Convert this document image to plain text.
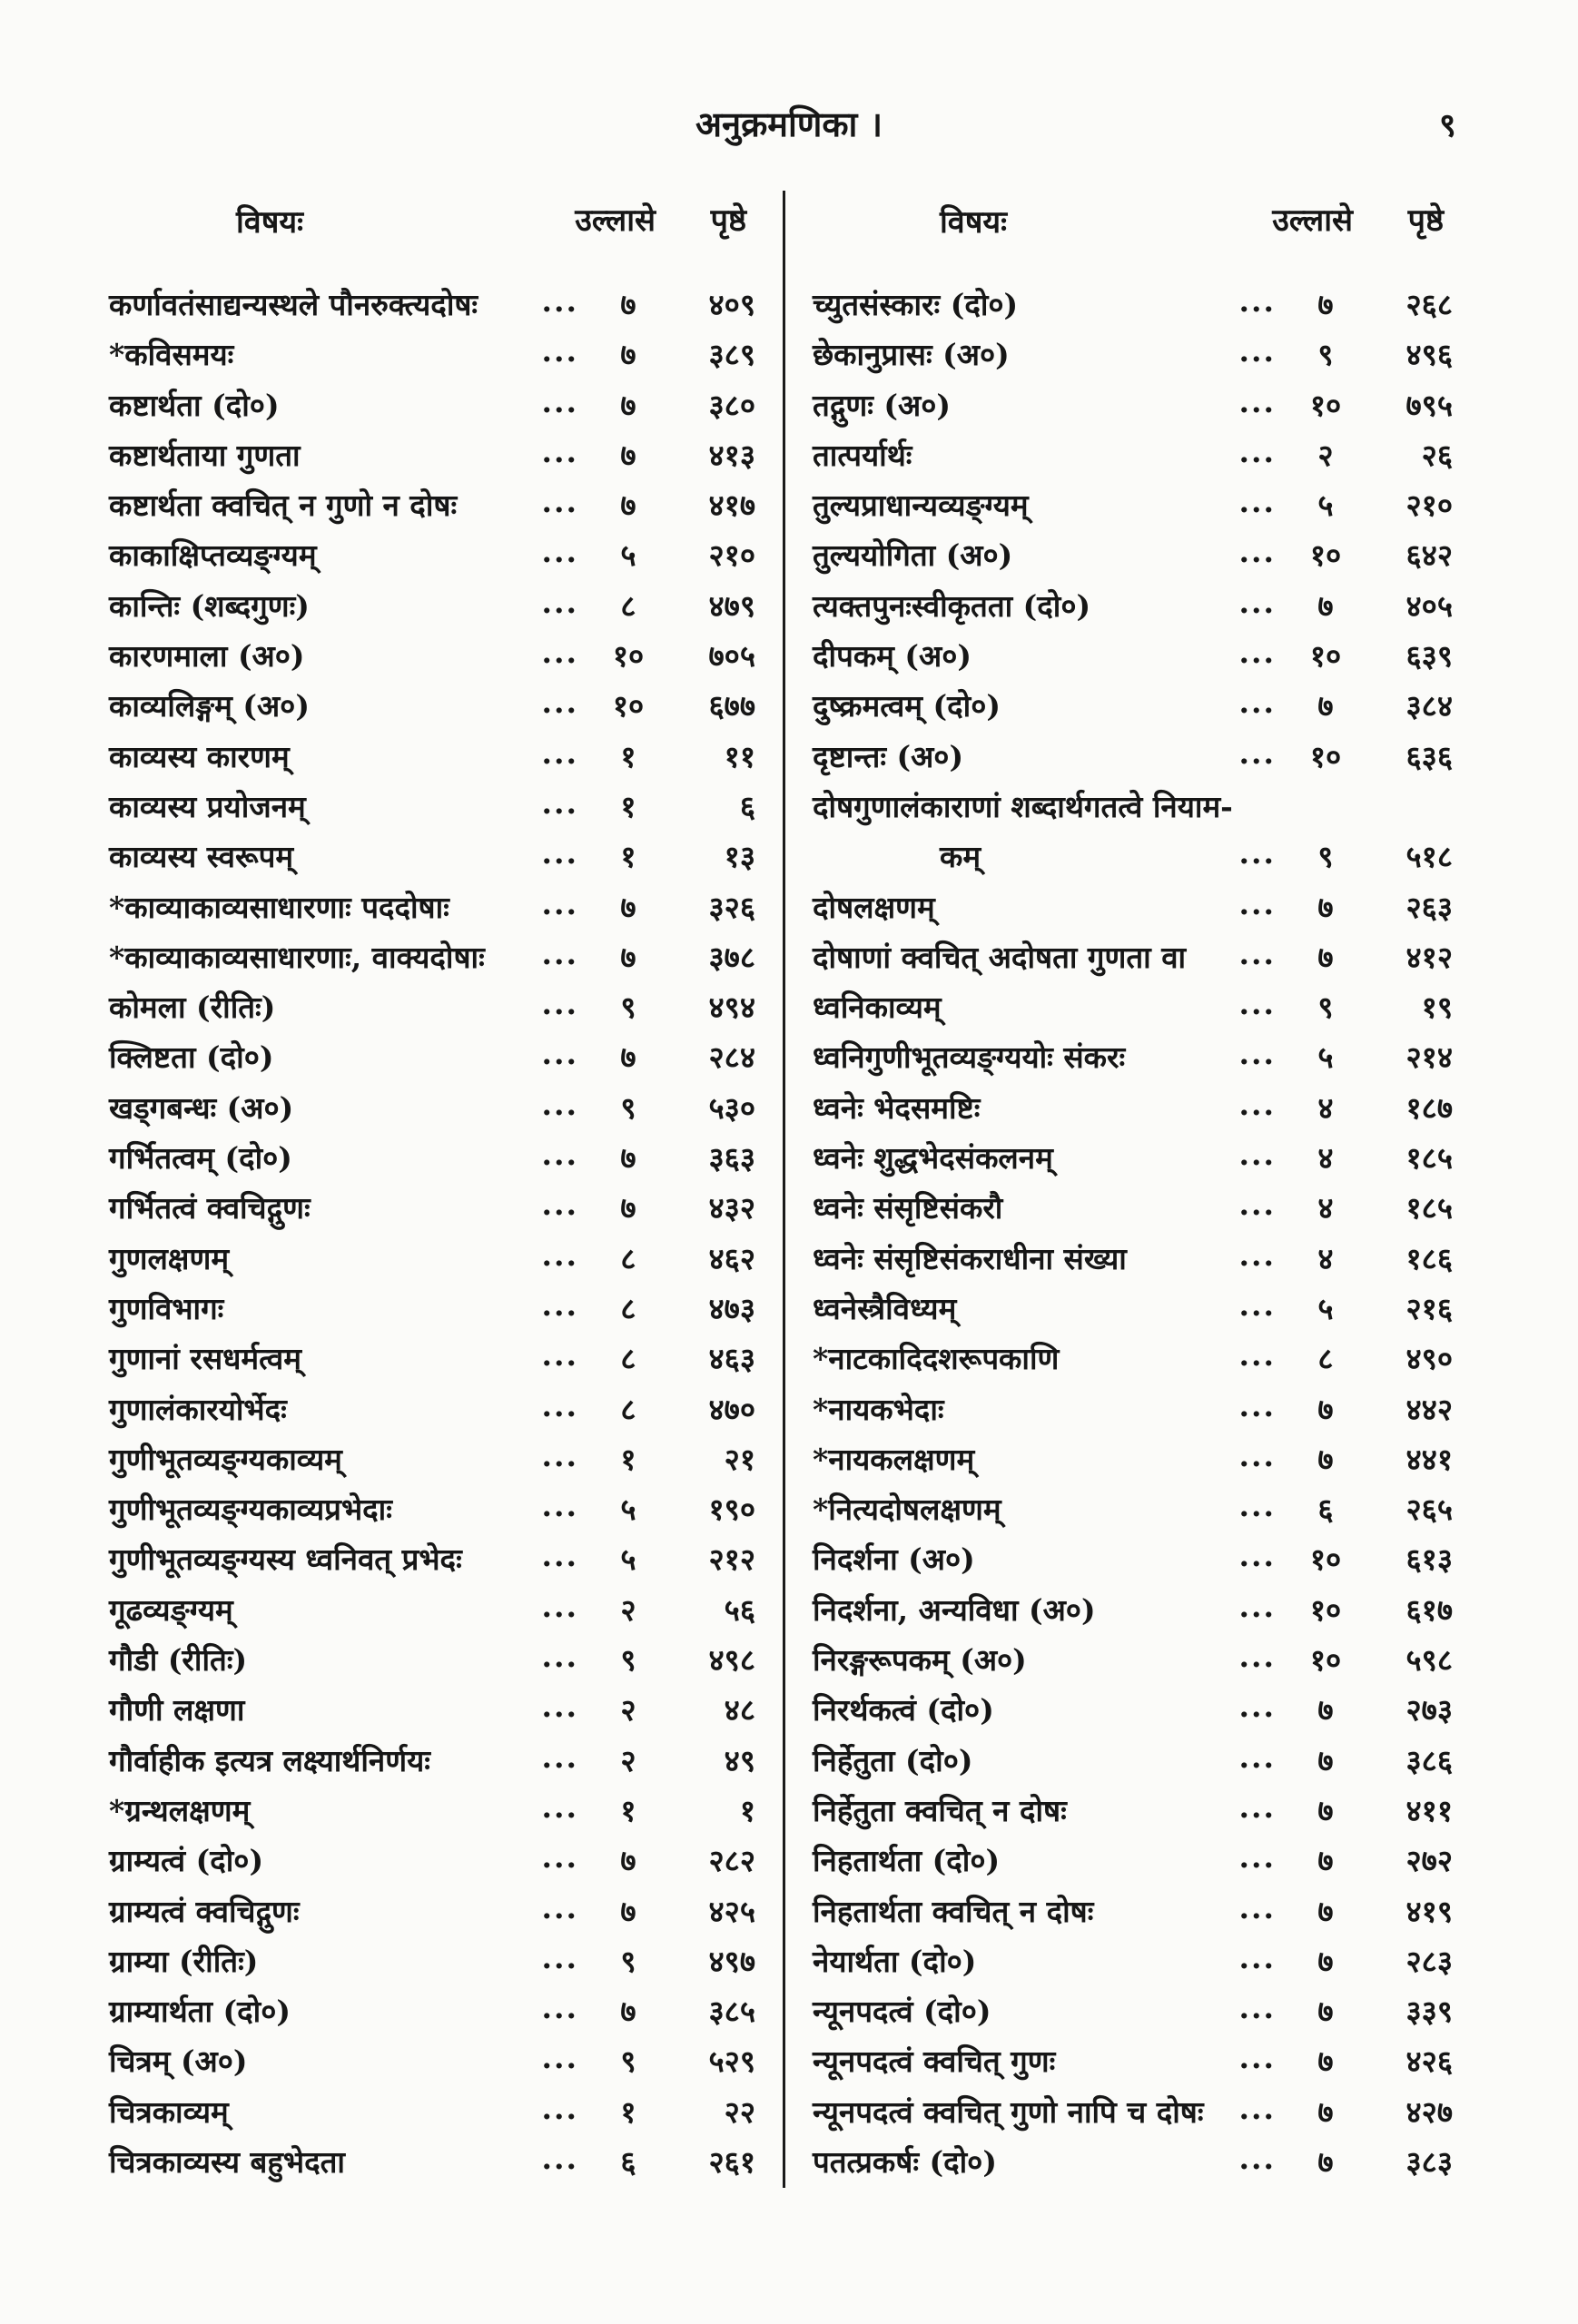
अनुक्रमणिका ।	९
विषयः	उल्लासे पृष्ठे
कर्णावतंसाद्यन्यस्थले पौनरुक्त्यदोषः ...	७	४०९
*कविसमयः	...	७	३८९
कष्टार्थता (दो०)	...	७	३८०
कष्टार्थताया गुणता	...	७	४१३
कष्टार्थता क्वचित् न गुणो न दोषः	...	७	४१७
काकाक्षिप्तव्यङ्ग्यम्	...	५	२१०
कान्तिः (शब्दगुणः)	...	८	४७९
कारणमाला (अ०)	...	१०	७०५
काव्यलिङ्गम् (अ०)	...	१०	६७७
काव्यस्य कारणम्	...	१	११
काव्यस्य प्रयोजनम्	...	१	६
काव्यस्य स्वरूपम्	...	१	१३
*काव्याकाव्यसाधारणाः पददोषाः	...	७	३२६
*काव्याकाव्यसाधारणाः, वाक्यदोषाः ...	७	३७८
कोमला (रीतिः)	...	९	४९४
क्लिष्टता (दो०)	...	७	२८४
खड्गबन्धः (अ०)	...	९	५३०
गर्भितत्वम् (दो०)	...	७	३६३
गर्भितत्वं क्वचिद्गुणः	...	७	४३२
गुणलक्षणम्	...	८	४६२
गुणविभागः	...	८	४७३
गुणानां रसधर्मत्वम्	...	८	४६३
गुणालंकारयोर्भेदः	...	८	४७०
गुणीभूतव्यङ्ग्यकाव्यम्	...	१	२१
गुणीभूतव्यङ्ग्यकाव्यप्रभेदाः	...	५	१९०
गुणीभूतव्यङ्ग्यस्य ध्वनिवत् प्रभेदः	...	५	२१२
गूढव्यङ्ग्यम्	...	२	५६
गौडी (रीतिः)	...	९	४९८
गौणी लक्षणा	...	२	४८
गौर्वाहीक इत्यत्र लक्ष्यार्थनिर्णयः	...	२	४९
*ग्रन्थलक्षणम्	...	१	१
ग्राम्यत्वं (दो०)	...	७	२८२
ग्राम्यत्वं क्वचिद्गुणः	...	७	४२५
ग्राम्या (रीतिः)	...	९	४९७
ग्राम्यार्थता (दो०)	...	७	३८५
चित्रम् (अ०)	...	९	५२९
चित्रकाव्यम्	...	१	२२
चित्रकाव्यस्य बहुभेदता	...	६	२६१
विषयः	उल्लासे पृष्ठे
च्युतसंस्कारः (दो०)	...	७	२६८
छेकानुप्रासः (अ०)	...	९	४९६
तद्गुणः (अ०)	...	१०	७९५
तात्पर्यार्थः	...	२	२६
तुल्यप्राधान्यव्यङ्ग्यम्	...	५	२१०
तुल्ययोगिता (अ०)	...	१०	६४२
त्यक्तपुनःस्वीकृतता (दो०)	...	७	४०५
दीपकम् (अ०)	...	१०	६३९
दुष्क्रमत्वम् (दो०)	...	७	३८४
दृष्टान्तः (अ०)	...	१०	६३६
दोषगुणालंकाराणां शब्दार्थगतत्वे नियाम-
कम्	...	९	५१८
दोषलक्षणम्	...	७	२६३
दोषाणां क्वचित् अदोषता गुणता वा ...	७	४१२
ध्वनिकाव्यम्	...	९	१९
ध्वनिगुणीभूतव्यङ्ग्ययोः संकरः	...	५	२१४
ध्वनेः भेदसमष्टिः	...	४	१८७
ध्वनेः शुद्धभेदसंकलनम्	...	४	१८५
ध्वनेः संसृष्टिसंकरौ	...	४	१८५
ध्वनेः संसृष्टिसंकराधीना संख्या	...	४	१८६
ध्वनेस्त्रैविध्यम्	...	५	२१६
*नाटकादिदशरूपकाणि	...	८	४९०
*नायकभेदाः	...	७	४४२
*नायकलक्षणम्	...	७	४४१
*नित्यदोषलक्षणम्	...	६	२६५
निदर्शना (अ०)	...	१०	६१३
निदर्शना, अन्यविधा (अ०)	...	१०	६१७
निरङ्गरूपकम् (अ०)	...	१०	५९८
निरर्थकत्वं (दो०)	...	७	२७३
निर्हेतुता (दो०)	...	७	३८६
निर्हेतुता क्वचित् न दोषः	...	७	४११
निहतार्थता (दो०)	...	७	२७२
निहतार्थता क्वचित् न दोषः	...	७	४१९
नेयार्थता (दो०)	...	७	२८३
न्यूनपदत्वं (दो०)	...	७	३३९
न्यूनपदत्वं क्वचित् गुणः	...	७	४२६
न्यूनपदत्वं क्वचित् गुणो नापि च दोषः ...	७	४२७
पतत्प्रकर्षः (दो०)	...	७	३८३
